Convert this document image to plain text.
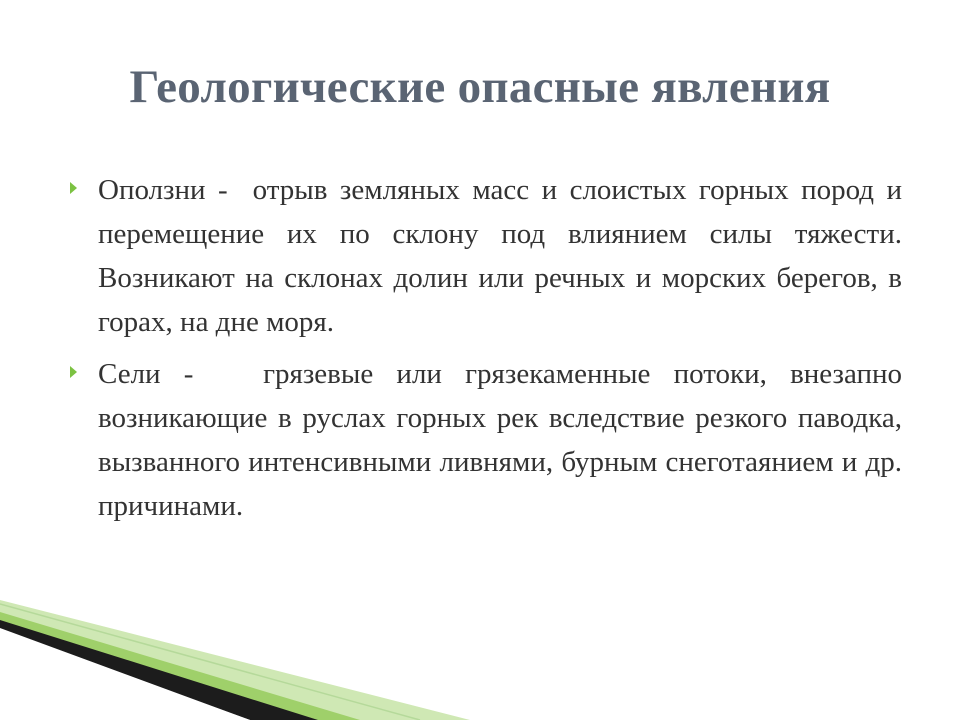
Геологические опасные явления
Оползни -  отрыв земляных масс и слоистых горных пород и перемещение их по склону под влиянием силы тяжести. Возникают на склонах долин или речных и морских берегов, в горах, на дне моря.
Сели -   грязевые или грязекаменные потоки, внезапно возникающие в руслах горных рек вследствие резкого паводка, вызванного интенсивными ливнями, бурным снеготаянием и др. причинами.
